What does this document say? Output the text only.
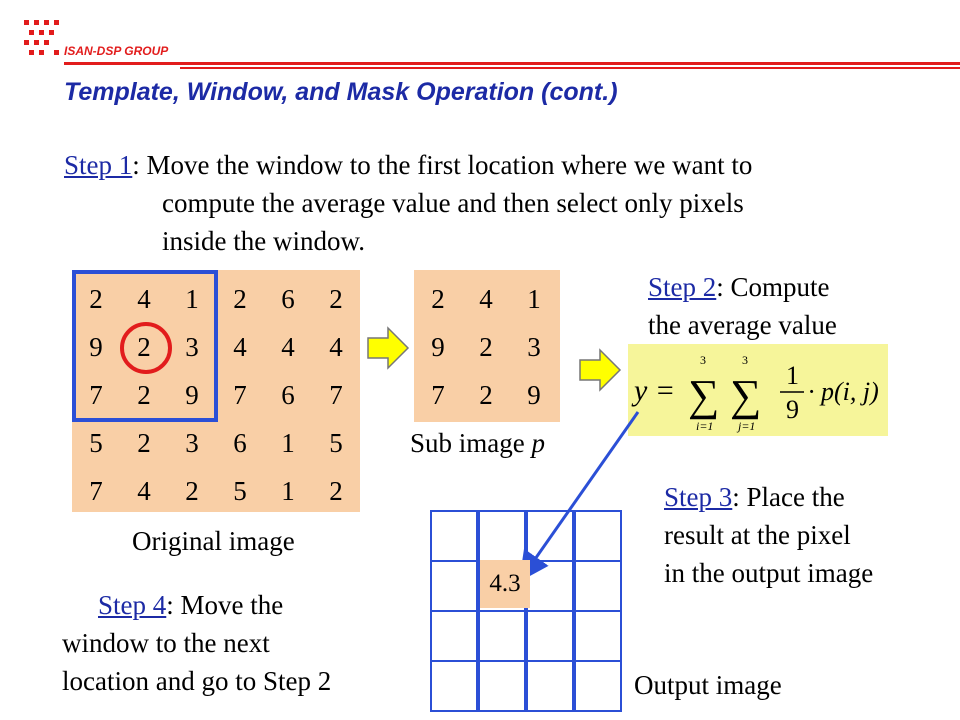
ISAN-DSP GROUP
Template, Window, and Mask Operation (cont.)
Step 1: Move the window to the first location where we want to
compute the average value and then select only pixels
inside the window.
2	4	1	2	6	2
9	2	3	4	4	4
7	2	9	7	6	7
5	2	3	6	1	5
7	4	2	5	1	2
Original image
2	4	1
9	2	3
7	2	9
Sub image p
Step 2: Compute
the average value
y =
3
∑
i=1
3
∑
j=1
1
9
· p(i, j)
Step 3: Place the
result at the pixel
in the output image
4.3
Output image
Step 4: Move the
window to the next
location and go to Step 2
